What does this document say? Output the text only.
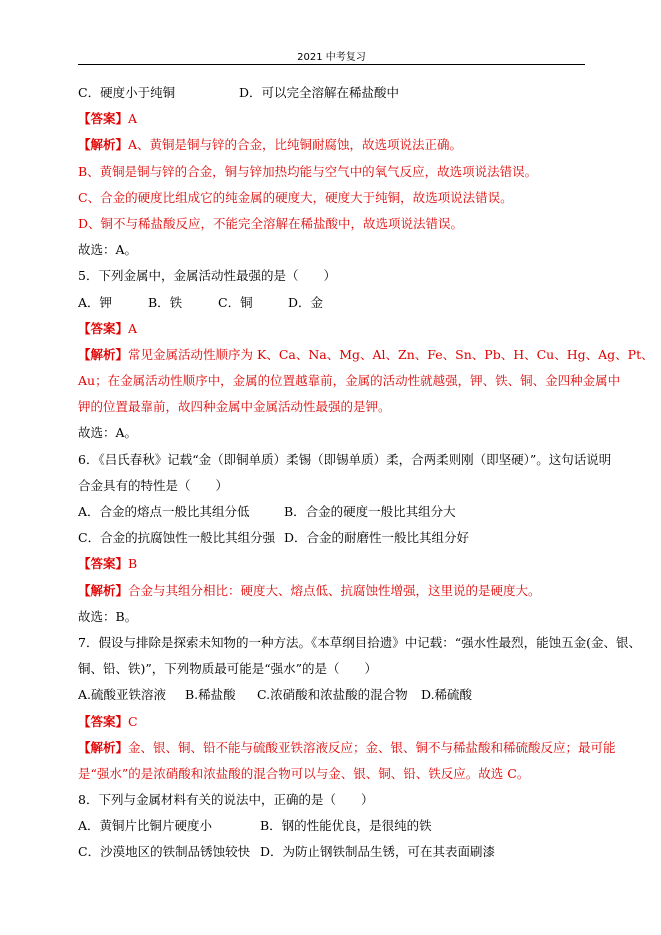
2021 中考复习
C．硬度小于纯铜	D．可以完全溶解在稀盐酸中
【答案】A
【解析】A、黄铜是铜与锌的合金，比纯铜耐腐蚀，故选项说法正确。
B、黄铜是铜与锌的合金，铜与锌加热均能与空气中的氧气反应，故选项说法错误。
C、合金的硬度比组成它的纯金属的硬度大，硬度大于纯铜，故选项说法错误。
D、铜不与稀盐酸反应，不能完全溶解在稀盐酸中，故选项说法错误。
故选：A。
5．下列金属中，金属活动性最强的是（　　）
A．钾	B．铁	C．铜	D．金
【答案】A
【解析】常见金属活动性顺序为 K、Ca、Na、Mg、Al、Zn、Fe、Sn、Pb、H、Cu、Hg、Ag、Pt、
Au；在金属活动性顺序中，金属的位置越靠前，金属的活动性就越强，钾、铁、铜、金四种金属中
钾的位置最靠前，故四种金属中金属活动性最强的是钾。
故选：A。
6．《吕氏春秋》记载“金（即铜单质）柔锡（即锡单质）柔，合两柔则刚（即坚硬）”。这句话说明
合金具有的特性是（　　）
A．合金的熔点一般比其组分低	B．合金的硬度一般比其组分大
C．合金的抗腐蚀性一般比其组分强 D．合金的耐磨性一般比其组分好
【答案】B
【解析】合金与其组分相比：硬度大、熔点低、抗腐蚀性增强，这里说的是硬度大。
故选：B。
7．假设与排除是探索未知物的一种方法。《本草纲目拾遗》中记载：“强水性最烈，能蚀五金(金、银、
铜、铅、铁)”，下列物质最可能是“强水”的是（　　）
A.硫酸亚铁溶液 B.稀盐酸 C.浓硝酸和浓盐酸的混合物 D.稀硫酸
【答案】C
【解析】金、银、铜、铅不能与硫酸亚铁溶液反应；金、银、铜不与稀盐酸和稀硫酸反应；最可能
是“强水”的是浓硝酸和浓盐酸的混合物可以与金、银、铜、铅、铁反应。故选 C。
8．下列与金属材料有关的说法中，正确的是（　　）
A．黄铜片比铜片硬度小	B．钢的性能优良，是很纯的铁
C．沙漠地区的铁制品锈蚀较快 D．为防止钢铁制品生锈，可在其表面刷漆
